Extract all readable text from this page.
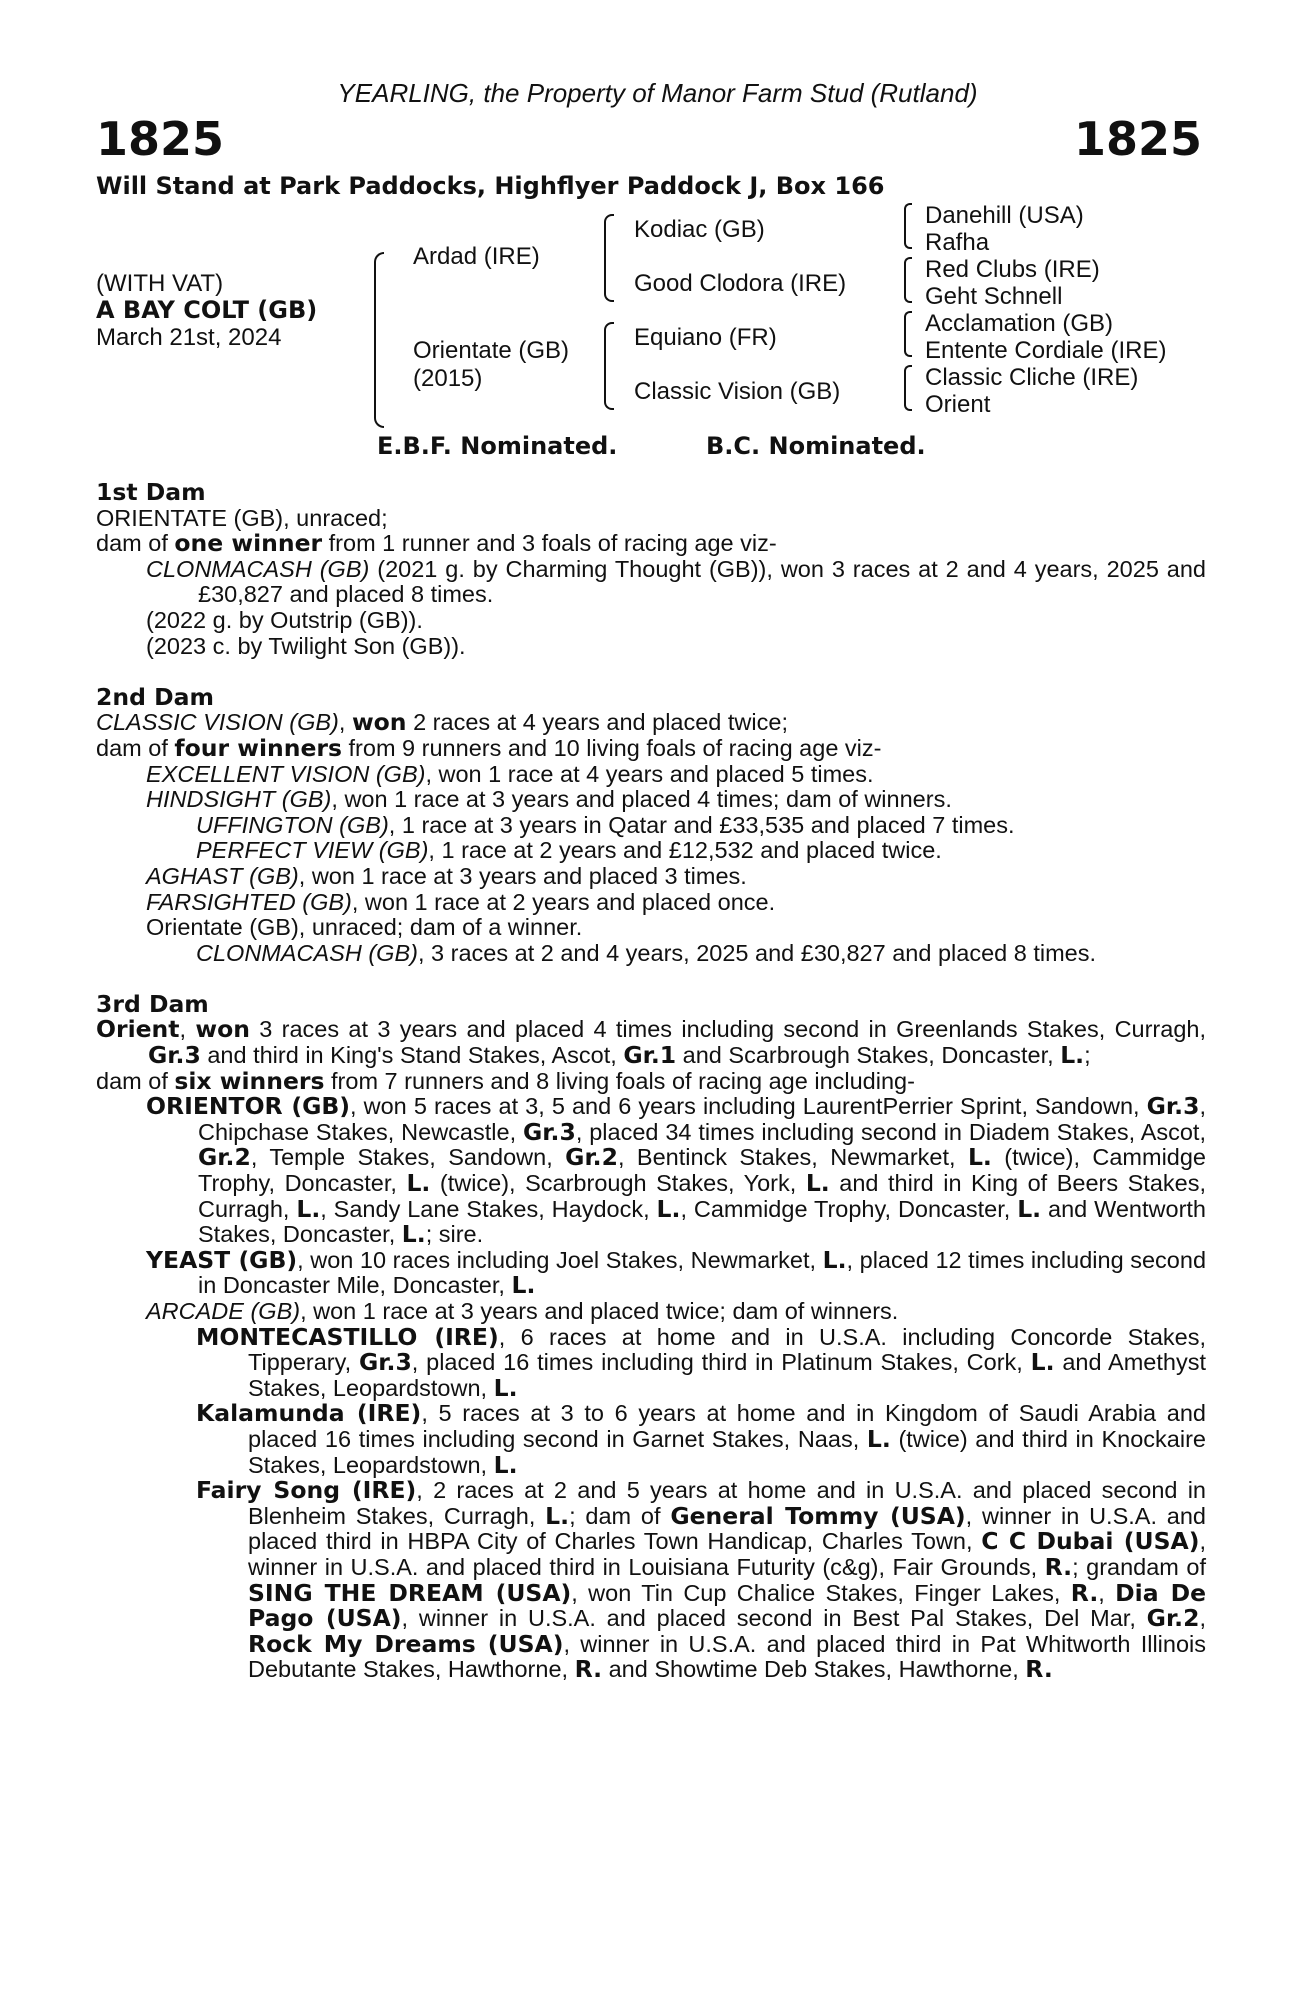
YEARLING, the Property of Manor Farm Stud (Rutland)
1825	1825
Will Stand at Park Paddocks, Highflyer Paddock J, Box 166
(WITH VAT)
A BAY COLT (GB)
March 21st, 2024
Ardad (IRE)
Orientate (GB)
(2015)
Kodiac (GB)
Good Clodora (IRE)
Equiano (FR)
Classic Vision (GB)
Danehill (USA)
Rafha
Red Clubs (IRE)
Geht Schnell
Acclamation (GB)
Entente Cordiale (IRE)
Classic Cliche (IRE)
Orient
E.B.F. Nominated.	B.C. Nominated.
1st Dam
ORIENTATE (GB), unraced;
dam of one winner from 1 runner and 3 foals of racing age viz-
CLONMACASH (GB) (2021 g. by Charming Thought (GB)), won 3 races at 2 and 4 years, 2025 and £30,827 and placed 8 times.
(2022 g. by Outstrip (GB)).
(2023 c. by Twilight Son (GB)).
2nd Dam
CLASSIC VISION (GB), won 2 races at 4 years and placed twice;
dam of four winners from 9 runners and 10 living foals of racing age viz-
EXCELLENT VISION (GB), won 1 race at 4 years and placed 5 times.
HINDSIGHT (GB), won 1 race at 3 years and placed 4 times; dam of winners.
UFFINGTON (GB), 1 race at 3 years in Qatar and £33,535 and placed 7 times.
PERFECT VIEW (GB), 1 race at 2 years and £12,532 and placed twice.
AGHAST (GB), won 1 race at 3 years and placed 3 times.
FARSIGHTED (GB), won 1 race at 2 years and placed once.
Orientate (GB), unraced; dam of a winner.
CLONMACASH (GB), 3 races at 2 and 4 years, 2025 and £30,827 and placed 8 times.
3rd Dam
Orient, won 3 races at 3 years and placed 4 times including second in Greenlands Stakes, Curragh, Gr.3 and third in King's Stand Stakes, Ascot, Gr.1 and Scarbrough Stakes, Doncaster, L.;
dam of six winners from 7 runners and 8 living foals of racing age including-
ORIENTOR (GB), won 5 races at 3, 5 and 6 years including LaurentPerrier Sprint, Sandown, Gr.3, Chipchase Stakes, Newcastle, Gr.3, placed 34 times including second in Diadem Stakes, Ascot, Gr.2, Temple Stakes, Sandown, Gr.2, Bentinck Stakes, Newmarket, L. (twice), Cammidge Trophy, Doncaster, L. (twice), Scarbrough Stakes, York, L. and third in King of Beers Stakes, Curragh, L., Sandy Lane Stakes, Haydock, L., Cammidge Trophy, Doncaster, L. and Wentworth Stakes, Doncaster, L.; sire.
YEAST (GB), won 10 races including Joel Stakes, Newmarket, L., placed 12 times including second in Doncaster Mile, Doncaster, L.
ARCADE (GB), won 1 race at 3 years and placed twice; dam of winners.
MONTECASTILLO (IRE), 6 races at home and in U.S.A. including Concorde Stakes, Tipperary, Gr.3, placed 16 times including third in Platinum Stakes, Cork, L. and Amethyst Stakes, Leopardstown, L.
Kalamunda (IRE), 5 races at 3 to 6 years at home and in Kingdom of Saudi Arabia and placed 16 times including second in Garnet Stakes, Naas, L. (twice) and third in Knockaire Stakes, Leopardstown, L.
Fairy Song (IRE), 2 races at 2 and 5 years at home and in U.S.A. and placed second in Blenheim Stakes, Curragh, L.; dam of General Tommy (USA), winner in U.S.A. and placed third in HBPA City of Charles Town Handicap, Charles Town, C C Dubai (USA), winner in U.S.A. and placed third in Louisiana Futurity (c&g), Fair Grounds, R.; grandam of SING THE DREAM (USA), won Tin Cup Chalice Stakes, Finger Lakes, R., Dia De Pago (USA), winner in U.S.A. and placed second in Best Pal Stakes, Del Mar, Gr.2, Rock My Dreams (USA), winner in U.S.A. and placed third in Pat Whitworth Illinois Debutante Stakes, Hawthorne, R. and Showtime Deb Stakes, Hawthorne, R.
